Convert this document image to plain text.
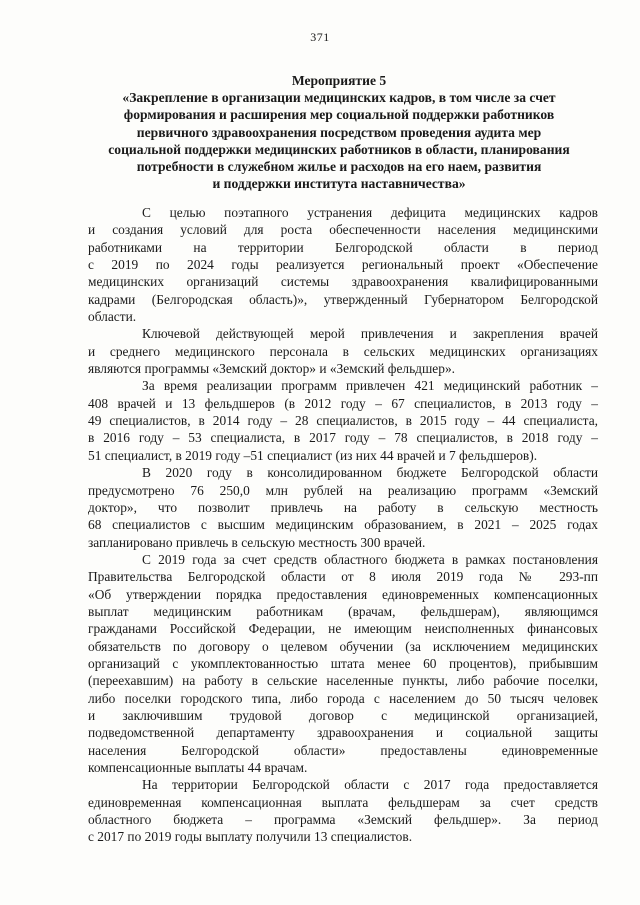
371
Мероприятие 5
«Закрепление в организации медицинских кадров, в том числе за счет
формирования и расширения мер социальной поддержки работников
первичного здравоохранения посредством проведения аудита мер
социальной поддержки медицинских работников в области, планирования
потребности в служебном жилье и расходов на его наем, развития
и поддержки института наставничества»
С целью поэтапного устранения дефицита медицинских кадров
и создания условий для роста обеспеченности населения медицинскими
работниками на территории Белгородской области в период
с 2019 по 2024 годы реализуется региональный проект «Обеспечение
медицинских организаций системы здравоохранения квалифицированными
кадрами (Белгородская область)», утвержденный Губернатором Белгородской
области.
Ключевой действующей мерой привлечения и закрепления врачей
и среднего медицинского персонала в сельских медицинских организациях
являются программы «Земский доктор» и «Земский фельдшер».
За время реализации программ привлечен 421 медицинский работник –
408 врачей и 13 фельдшеров (в 2012 году – 67 специалистов, в 2013 году –
49 специалистов, в 2014 году – 28 специалистов, в 2015 году – 44 специалиста,
в 2016 году – 53 специалиста, в 2017 году – 78 специалистов, в 2018 году –
51 специалист, в 2019 году –51 специалист (из них 44 врачей и 7 фельдшеров).
В 2020 году в консолидированном бюджете Белгородской области
предусмотрено 76 250,0 млн рублей на реализацию программ «Земский
доктор», что позволит привлечь на работу в сельскую местность
68 специалистов с высшим медицинским образованием, в 2021 – 2025 годах
запланировано привлечь в сельскую местность 300 врачей.
С 2019 года за счет средств областного бюджета в рамках постановления
Правительства Белгородской области от 8 июля 2019 года № 293-пп
«Об утверждении порядка предоставления единовременных компенсационных
выплат медицинским работникам (врачам, фельдшерам), являющимся
гражданами Российской Федерации, не имеющим неисполненных финансовых
обязательств по договору о целевом обучении (за исключением медицинских
организаций с укомплектованностью штата менее 60 процентов), прибывшим
(переехавшим) на работу в сельские населенные пункты, либо рабочие поселки,
либо поселки городского типа, либо города с населением до 50 тысяч человек
и заключившим трудовой договор с медицинской организацией,
подведомственной департаменту здравоохранения и социальной защиты
населения Белгородской области» предоставлены единовременные
компенсационные выплаты 44 врачам.
На территории Белгородской области с 2017 года предоставляется
единовременная компенсационная выплата фельдшерам за счет средств
областного бюджета – программа «Земский фельдшер». За период
с 2017 по 2019 годы выплату получили 13 специалистов.
